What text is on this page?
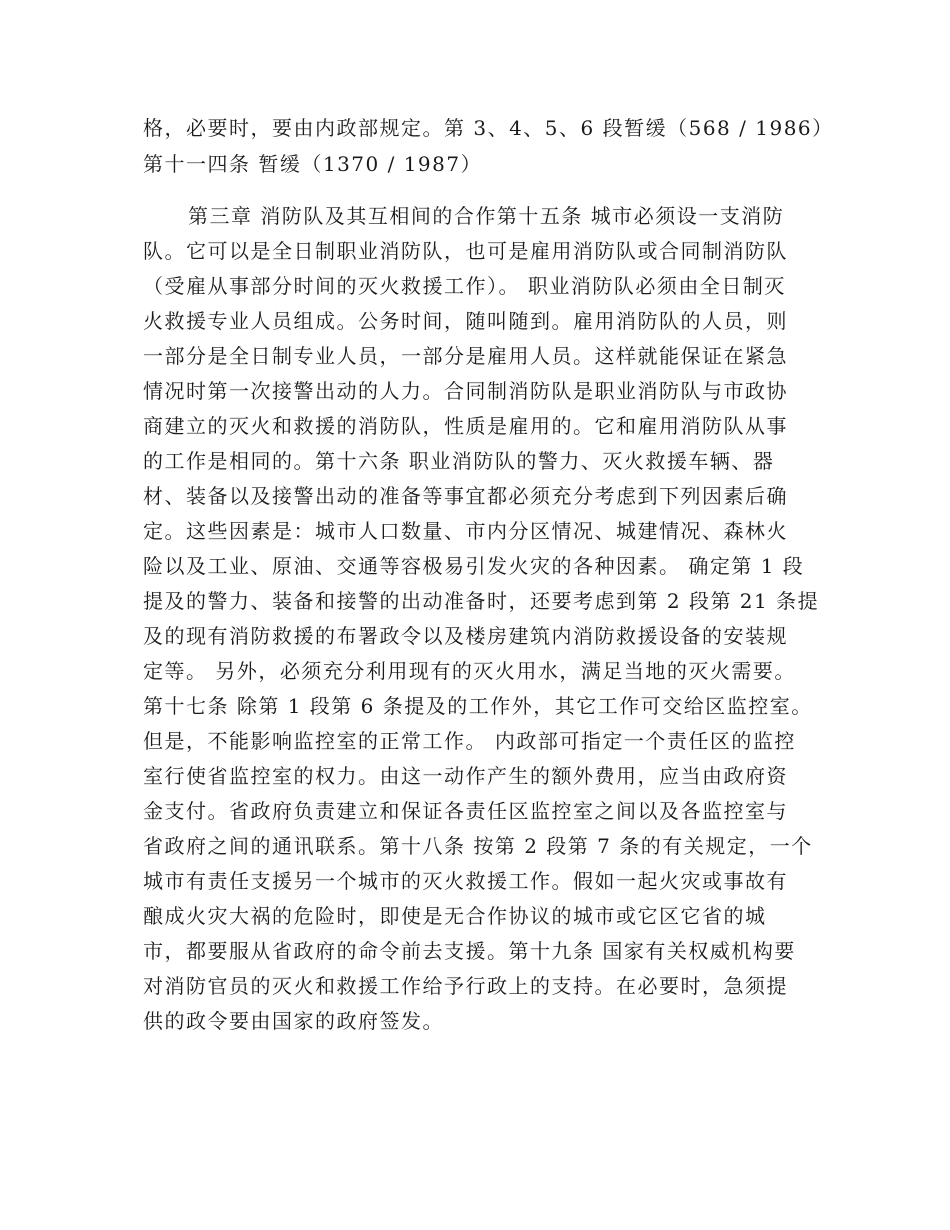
格，必要时，要由内政部规定。第 3、4、5、6 段暂缓（568 / 1986）
第十一四条 暂缓（1370 / 1987）
第三章 消防队及其互相间的合作第十五条 城市必须设一支消防
队。它可以是全日制职业消防队，也可是雇用消防队或合同制消防队
（受雇从事部分时间的灭火救援工作）。 职业消防队必须由全日制灭
火救援专业人员组成。公务时间，随叫随到。雇用消防队的人员，则
一部分是全日制专业人员，一部分是雇用人员。这样就能保证在紧急
情况时第一次接警出动的人力。合同制消防队是职业消防队与市政协
商建立的灭火和救援的消防队，性质是雇用的。它和雇用消防队从事
的工作是相同的。第十六条 职业消防队的警力、灭火救援车辆、器
材、装备以及接警出动的准备等事宜都必须充分考虑到下列因素后确
定。这些因素是：城市人口数量、市内分区情况、城建情况、森林火
险以及工业、原油、交通等容极易引发火灾的各种因素。 确定第 1 段
提及的警力、装备和接警的出动准备时，还要考虑到第 2 段第 21 条提
及的现有消防救援的布署政令以及楼房建筑内消防救援设备的安装规
定等。 另外，必须充分利用现有的灭火用水，满足当地的灭火需要。
第十七条 除第 1 段第 6 条提及的工作外，其它工作可交给区监控室。
但是，不能影响监控室的正常工作。 内政部可指定一个责任区的监控
室行使省监控室的权力。由这一动作产生的额外费用，应当由政府资
金支付。省政府负责建立和保证各责任区监控室之间以及各监控室与
省政府之间的通讯联系。第十八条 按第 2 段第 7 条的有关规定，一个
城市有责任支援另一个城市的灭火救援工作。假如一起火灾或事故有
酿成火灾大祸的危险时，即使是无合作协议的城市或它区它省的城
市，都要服从省政府的命令前去支援。第十九条 国家有关权威机构要
对消防官员的灭火和救援工作给予行政上的支持。在必要时，急须提
供的政令要由国家的政府签发。
